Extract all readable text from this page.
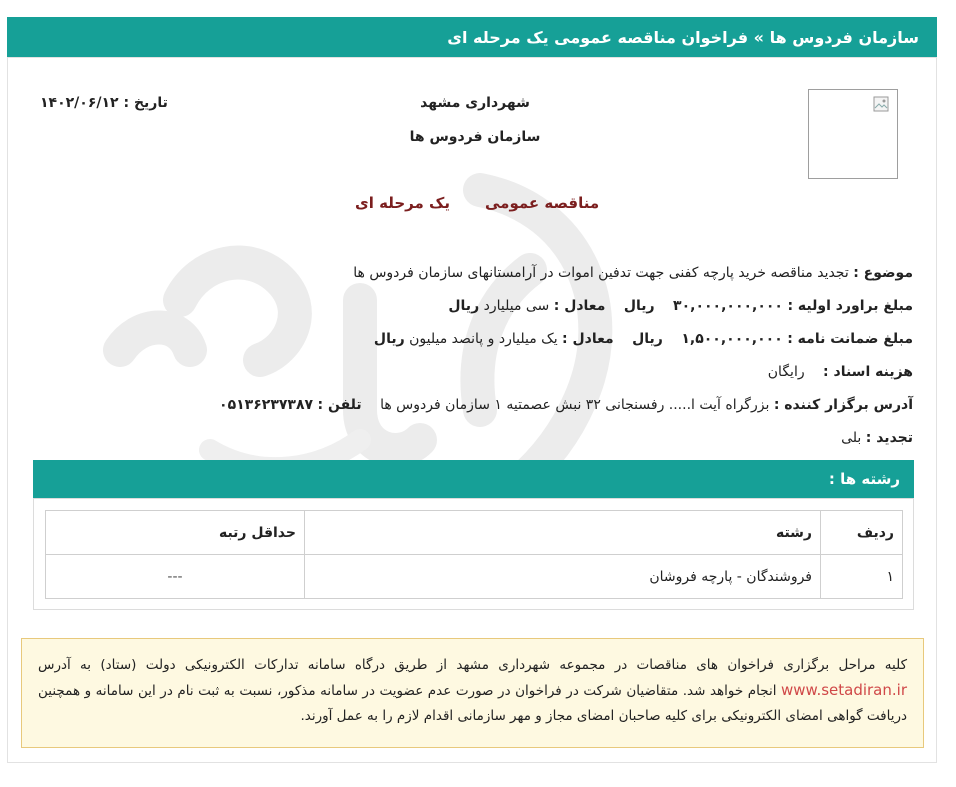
سازمان فردوس ها » فراخوان مناقصه عمومی یک مرحله ای
شهرداری مشهد
سازمان فردوس ها
تاریخ : ۱۴۰۲/۰۶/۱۲
مناقصه عمومی
یک مرحله ای
موضوع : تجدید مناقصه خرید پارچه کفنی جهت تدفین اموات در آرامستانهای سازمان فردوس ها
مبلغ براورد اولیه : ۳۰,۰۰۰,۰۰۰,۰۰۰ ریال معادل : سی میلیارد ریال
مبلغ ضمانت نامه : ۱,۵۰۰,۰۰۰,۰۰۰ ریال معادل : یک میلیارد و پانصد میلیون ریال
هزینه اسناد : رایگان
آدرس برگزار کننده : بزرگراه آیت ا..... رفسنجانی ۳۲ نبش عصمتیه ۱ سازمان فردوس ها تلفن : ۰۵۱۳۶۲۳۷۳۸۷
تجدید : بلی
رشته ها :
ردیف	رشته	حداقل رتبه
۱	فروشندگان - پارچه فروشان	---
کلیه مراحل برگزاری فراخوان های مناقصات در مجموعه شهرداری مشهد از طریق درگاه سامانه تدارکات الکترونیکی دولت (ستاد) به آدرس www.setadiran.ir انجام خواهد شد. متقاضیان شرکت در فراخوان در صورت عدم عضویت در سامانه مذکور، نسبت به ثبت نام در این سامانه و همچنین دریافت گواهی امضای الکترونیکی برای کلیه صاحبان امضای مجاز و مهر سازمانی اقدام لازم را به عمل آورند.
